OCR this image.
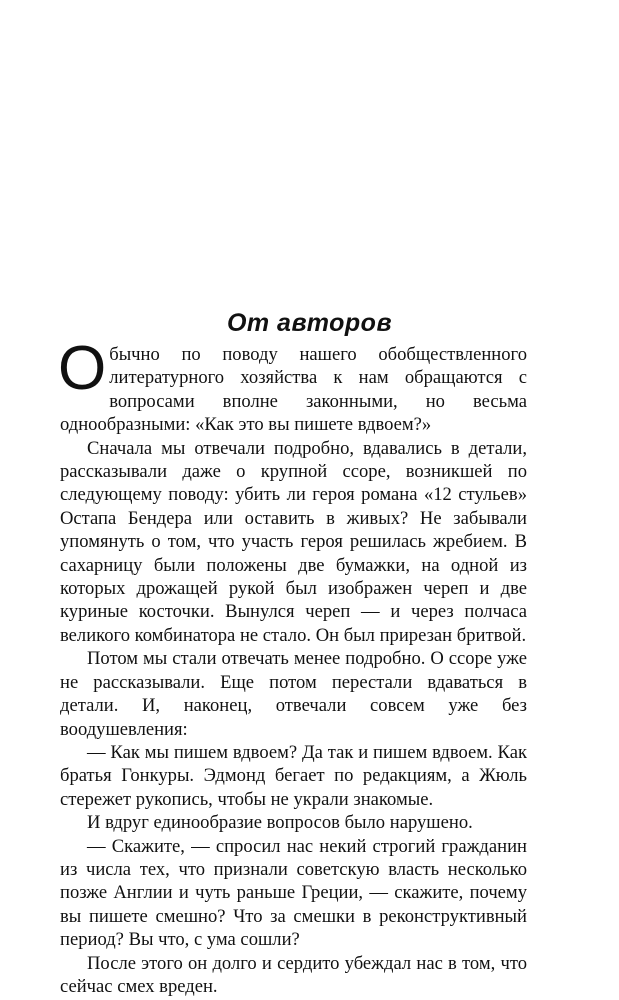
От авторов

Обычно по поводу нашего обобществленного литературного хозяйства к нам обращаются с вопросами вполне законными, но весьма однообразными: «Как это вы пишете вдвоем?»

Сначала мы отвечали подробно, вдавались в детали, рассказывали даже о крупной ссоре, возникшей по следующему поводу: убить ли героя романа «12 стульев» Остапа Бендера или оставить в живых? Не забывали упомянуть о том, что участь героя решилась жребием. В сахарницу были положены две бумажки, на одной из которых дрожащей рукой был изображен череп и две куриные косточки. Вынулся череп — и через полчаса великого комбинатора не стало. Он был прирезан бритвой.

Потом мы стали отвечать менее подробно. О ссоре уже не рассказывали. Еще потом перестали вдаваться в детали. И, наконец, отвечали совсем уже без воодушевления:

— Как мы пишем вдвоем? Да так и пишем вдвоем. Как братья Гонкуры. Эдмонд бегает по редакциям, а Жюль стережет рукопись, чтобы не украли знакомые.

И вдруг единообразие вопросов было нарушено.

— Скажите, — спросил нас некий строгий гражданин из числа тех, что признали советскую власть несколько позже Англии и чуть раньше Греции, — скажите, почему вы пишете смешно? Что за смешки в реконструктивный период? Вы что, с ума сошли?

После этого он долго и сердито убеждал нас в том, что сейчас смех вреден.
